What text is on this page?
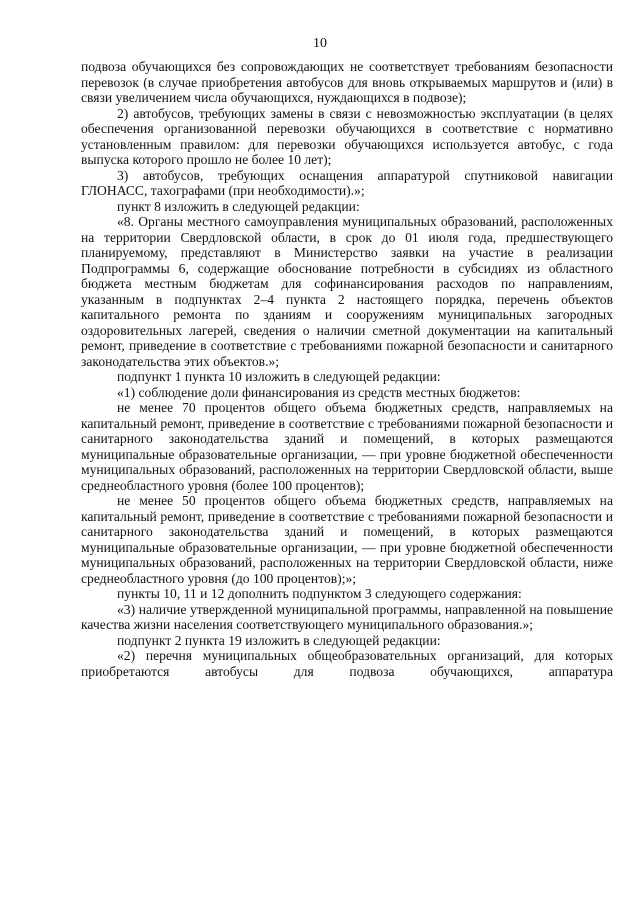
10

подвоза обучающихся без сопровождающих не соответствует требованиям безопасности перевозок (в случае приобретения автобусов для вновь открываемых маршрутов и (или) в связи увеличением числа обучающихся, нуждающихся в подвозе);

2) автобусов, требующих замены в связи с невозможностью эксплуатации (в целях обеспечения организованной перевозки обучающихся в соответствие с нормативно установленным правилом: для перевозки обучающихся используется автобус, с года выпуска которого прошло не более 10 лет);

3) автобусов, требующих оснащения аппаратурой спутниковой навигации ГЛОНАСС, тахографами (при необходимости).»;

пункт 8 изложить в следующей редакции:

«8. Органы местного самоуправления муниципальных образований, расположенных на территории Свердловской области, в срок до 01 июля года, предшествующего планируемому, представляют в Министерство заявки на участие в реализации Подпрограммы 6, содержащие обоснование потребности в субсидиях из областного бюджета местным бюджетам для софинансирования расходов по направлениям, указанным в подпунктах 2–4 пункта 2 настоящего порядка, перечень объектов капитального ремонта по зданиям и сооружениям муниципальных загородных оздоровительных лагерей, сведения о наличии сметной документации на капитальный ремонт, приведение в соответствие с требованиями пожарной безопасности и санитарного законодательства этих объектов.»;

подпункт 1 пункта 10 изложить в следующей редакции:

«1) соблюдение доли финансирования из средств местных бюджетов:

не менее 70 процентов общего объема бюджетных средств, направляемых на капитальный ремонт, приведение в соответствие с требованиями пожарной безопасности и санитарного законодательства зданий и помещений, в которых размещаются муниципальные образовательные организации, — при уровне бюджетной обеспеченности муниципальных образований, расположенных на территории Свердловской области, выше среднеобластного уровня (более 100 процентов);

не менее 50 процентов общего объема бюджетных средств, направляемых на капитальный ремонт, приведение в соответствие с требованиями пожарной безопасности и санитарного законодательства зданий и помещений, в которых размещаются муниципальные образовательные организации, — при уровне бюджетной обеспеченности муниципальных образований, расположенных на территории Свердловской области, ниже среднеобластного уровня (до 100 процентов);»;

пункты 10, 11 и 12 дополнить подпунктом 3 следующего содержания:

«3) наличие утвержденной муниципальной программы, направленной на повышение качества жизни населения соответствующего муниципального образования.»;

подпункт 2 пункта 19 изложить в следующей редакции:

«2) перечня муниципальных общеобразовательных организаций, для которых приобретаются автобусы для подвоза обучающихся, аппаратура
